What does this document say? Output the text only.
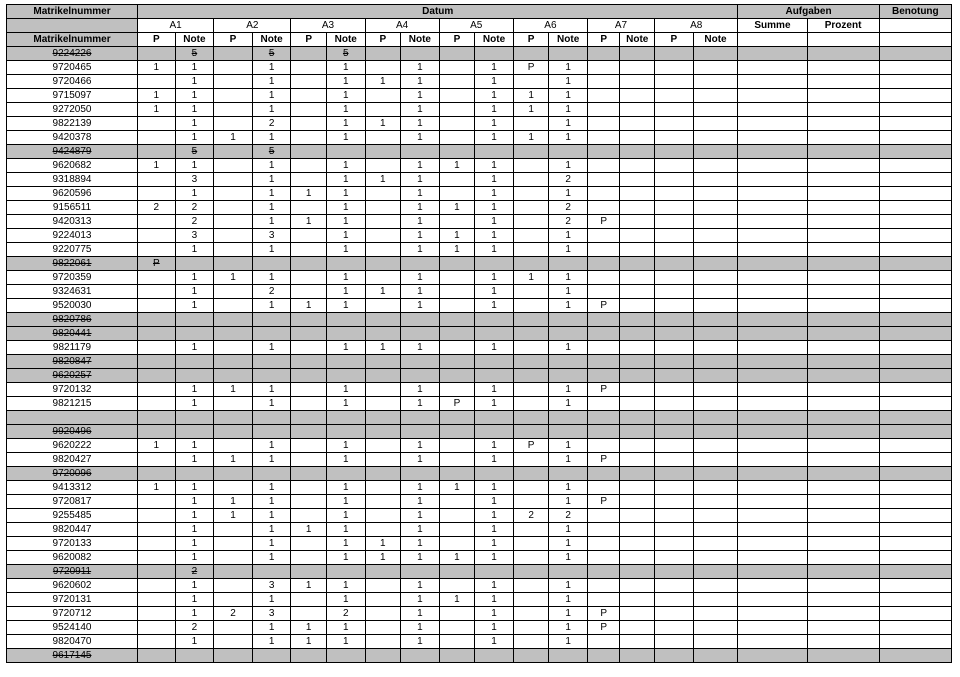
Matrikelnummer	Datum																Aufgaben		Benotung
	A1		A2		A3		A4		A5		A6		A7		A8		Summe	Prozent	
Matrikelnummer	P	Note	P	Note	P	Note	P	Note	P	Note	P	Note	P	Note	P	Note			
9224226		5		5		5													
9720465	1	1		1		1		1		1	P	1							
9720466		1		1		1	1	1		1		1							
9715097	1	1		1		1		1		1	1	1							
9272050	1	1		1		1		1		1	1	1							
9822139		1		2		1	1	1		1		1							
9420378		1	1	1		1		1		1	1	1							
9424879		5		5															
9620682	1	1		1		1		1	1	1		1							
9318894		3		1		1	1	1		1		2							
9620596		1		1	1	1		1		1		1							
9156511	2	2		1		1		1	1	1		2							
9420313		2		1	1	1		1		1		2	P						
9224013		3		3		1		1	1	1		1							
9220775		1		1		1		1	1	1		1							
9822061	P																		
9720359		1	1	1		1		1		1	1	1							
9324631		1		2		1	1	1		1		1							
9520030		1		1	1	1		1		1		1	P						
9820786																			
9820441																			
9821179		1		1		1	1	1		1		1							
9820847																			
9620257																			
9720132		1	1	1		1		1		1		1	P						
9821215		1		1		1		1	P	1		1							

9920496																			
9620222	1	1		1		1		1		1	P	1							
9820427		1	1	1		1		1		1		1	P						
9720096																			
9413312	1	1		1		1		1	1	1		1							
9720817		1	1	1		1		1		1		1	P						
9255485		1	1	1		1		1		1	2	2							
9820447		1		1	1	1		1		1		1							
9720133		1		1		1	1	1		1		1							
9620082		1		1		1	1	1	1	1		1							
9720911		2																	
9620602		1		3	1	1		1		1		1							
9720131		1		1		1		1	1	1		1							
9720712		1	2	3		2		1		1		1	P						
9524140		2		1	1	1		1		1		1	P						
9820470		1		1	1	1		1		1		1							
9617145																			
